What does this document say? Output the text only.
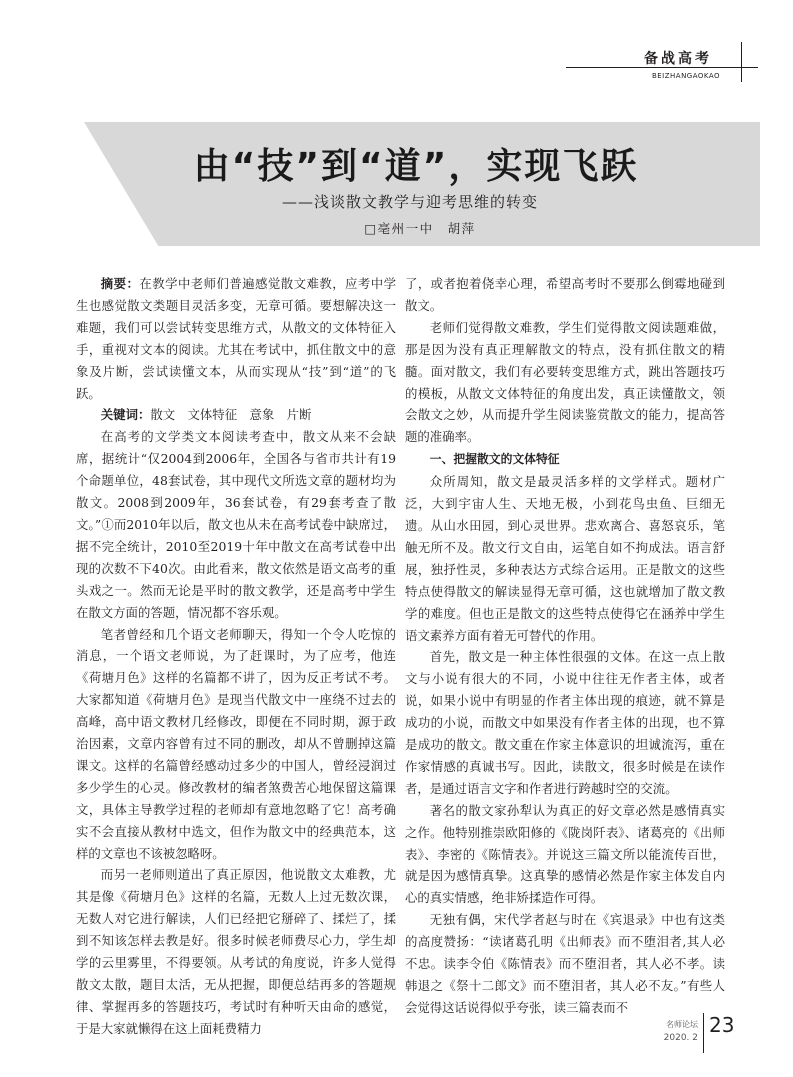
备战高考
BEIZHANGAOKAO
由“技”到“道”，实现飞跃
——浅谈散文教学与迎考思维的转变
□亳州一中　胡萍

摘要：在教学中老师们普遍感觉散文难教，应考中学生也感觉散文类题目灵活多变，无章可循。要想解决这一难题，我们可以尝试转变思维方式，从散文的文体特征入手，重视对文本的阅读。尤其在考试中，抓住散文中的意象及片断，尝试读懂文本，从而实现从“技”到“道”的飞跃。

关键词：散文　文体特征　意象　片断

在高考的文学类文本阅读考查中，散文从来不会缺席，据统计“仅2004到2006年，全国各与省市共计有19个命题单位，48套试卷，其中现代文所选文章的题材均为散文。2008到2009年，36套试卷，有29套考查了散文。”①而2010年以后，散文也从未在高考试卷中缺席过，据不完全统计，2010至2019十年中散文在高考试卷中出现的次数不下40次。由此看来，散文依然是语文高考的重头戏之一。然而无论是平时的散文教学，还是高考中学生在散文方面的答题，情况都不容乐观。

笔者曾经和几个语文老师聊天，得知一个令人吃惊的消息，一个语文老师说，为了赶课时，为了应考，他连《荷塘月色》这样的名篇都不讲了，因为反正考试不考。大家都知道《荷塘月色》是现当代散文中一座绕不过去的高峰，高中语文教材几经修改，即便在不同时期，源于政治因素，文章内容曾有过不同的删改，却从不曾删掉这篇课文。这样的名篇曾经感动过多少的中国人，曾经浸润过多少学生的心灵。修改教材的编者煞费苦心地保留这篇课文，具体主导教学过程的老师却有意地忽略了它！高考确实不会直接从教材中选文，但作为散文中的经典范本，这样的文章也不该被忽略呀。

而另一老师则道出了真正原因，他说散文太难教，尤其是像《荷塘月色》这样的名篇，无数人上过无数次课，无数人对它进行解读，人们已经把它掰碎了、揉烂了，揉到不知该怎样去教是好。很多时候老师费尽心力，学生却学的云里雾里，不得要领。从考试的角度说，许多人觉得散文太散，题目太活，无从把握，即便总结再多的答题规律、掌握再多的答题技巧，考试时有种听天由命的感觉，于是大家就懒得在这上面耗费精力

了，或者抱着侥幸心理，希望高考时不要那么倒霉地碰到散文。

老师们觉得散文难教，学生们觉得散文阅读题难做，那是因为没有真正理解散文的特点，没有抓住散文的精髓。面对散文，我们有必要转变思维方式，跳出答题技巧的模板，从散文文体特征的角度出发，真正读懂散文，领会散文之妙，从而提升学生阅读鉴赏散文的能力，提高答题的准确率。

一、把握散文的文体特征

众所周知，散文是最灵活多样的文学样式。题材广泛，大到宇宙人生、天地无极，小到花鸟虫鱼、巨细无遗。从山水田园，到心灵世界。悲欢离合、喜怒哀乐，笔触无所不及。散文行文自由，运笔自如不拘成法。语言舒展，独抒性灵，多种表达方式综合运用。正是散文的这些特点使得散文的解读显得无章可循，这也就增加了散文教学的难度。但也正是散文的这些特点使得它在涵养中学生语文素养方面有着无可替代的作用。

首先，散文是一种主体性很强的文体。在这一点上散文与小说有很大的不同，小说中往往无作者主体，或者说，如果小说中有明显的作者主体出现的痕迹，就不算是成功的小说，而散文中如果没有作者主体的出现，也不算是成功的散文。散文重在作家主体意识的坦诚流泻，重在作家情感的真诚书写。因此，读散文，很多时候是在读作者，是通过语言文字和作者进行跨越时空的交流。

著名的散文家孙犁认为真正的好文章必然是感情真实之作。他特别推崇欧阳修的《陇岗阡表》、诸葛亮的《出师表》、李密的《陈情表》。并说这三篇文所以能流传百世，就是因为感情真挚。这真挚的感情必然是作家主体发自内心的真实情感，绝非矫揉造作可得。

无独有偶，宋代学者赵与时在《宾退录》中也有这类的高度赞扬：“读诸葛孔明《出师表》而不堕泪者,其人必不忠。读李令伯《陈情表》而不堕泪者，其人必不孝。读韩退之《祭十二郎文》而不堕泪者，其人必不友。”有些人会觉得这话说得似乎夸张，读三篇表而不

名师论坛
2020. 2
23
